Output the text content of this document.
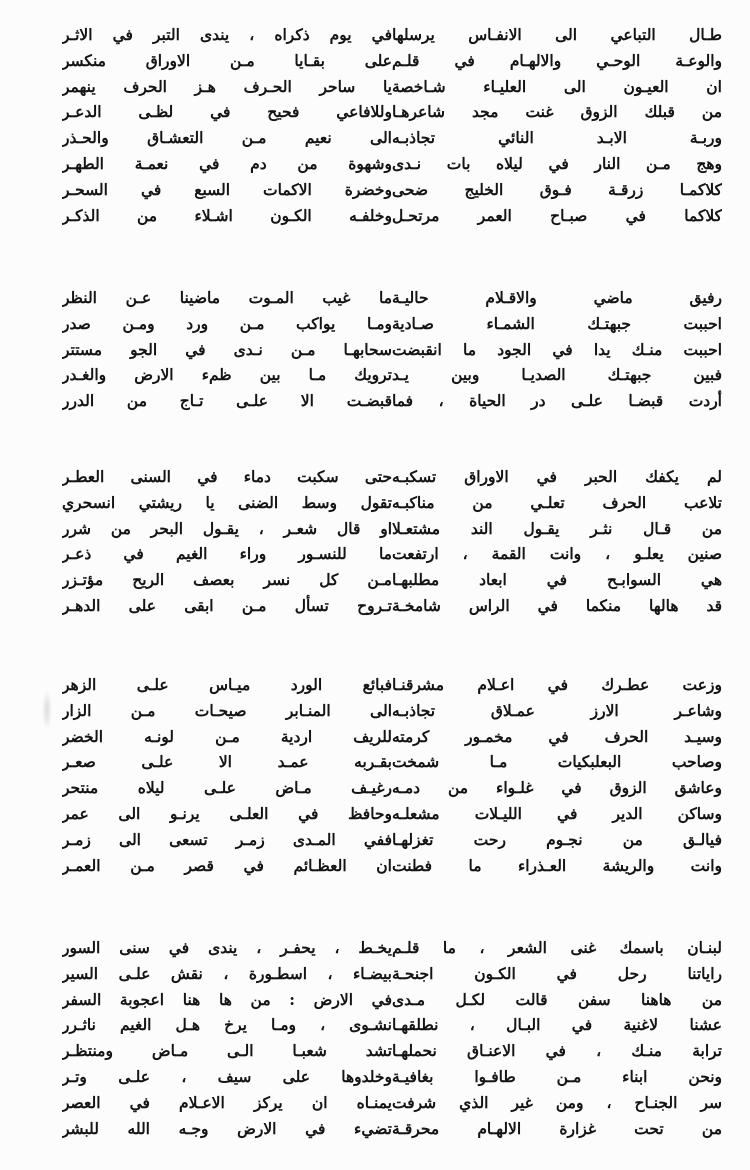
طـال التباعي الى الانفـاس يرسلها
والوعـة الوحـي والالهـام في قلـم
ان العيـون الى العليـاء شـاخصة
من قبلك الزوق غنت مجد شاعرهـا
وربـة الابـد النائي تجاذبـه
وهج مـن النار في ليلاه بات نـدى
كلاكمـا زرقـة فـوق الخليج ضحى
كلاكما في صبـاح العمر مرتحـل
في يوم ذكراه ، يندى التبر في الاثـر
على بقـايا مـن الاوراق منكسر
يا ساحر الحـرف هـز الحرف ينهمر
وللافاعي فحيح في لظـى الدعـر
الى نعيم مـن التعشـاق والحـذر
وشهوة من دم في نعمـة الطهـر
وخضرة الاكمات السبع في السحـر
وخلفـه الكـون اشـلاء من الذكـر
رفيق ماضي والاقـلام حاليـة
احببت جبهتـك الشمـاء صـادية
احببت منـك يدا في الجود ما انقبضت
فبين جبهتـك الصديـا وبين يـد
أردت قبضـا علـى در الحياة ، فما
ما غيب المـوت ماضينا عـن النظر
ومـا يواكب مـن ورد ومـن صدر
سحابهـا مـن نـدى في الجو مستتر
ترويك مـا بين ظمء الارض والغـدر
قبضـت الا علـى تـاج من الدرر
لم يكفك الحبر في الاوراق تسكبـه
تلاعب الحرف تعلـي من مناكبـه
من قـال نثـر يقـول الند مشتعـلا
صنين يعلـو ، وانت القمة ، ارتفعت
هي السوابـح في ابعاد مطلبهـا
قد هالها منكما في الراس شامخـة
حتى سكبت دماء في السنى العطـر
تقول وسط الضنى يا ريشتي انسحري
او قال شعـر ، يقـول البحر من شرر
ما للنسـور وراء الغيم في ذعـر
مـن كل نسر بعصف الريح مؤتـزر
تـروح تسأل مـن ابقى على الدهـر
وزعت عطـرك في اعـلام مشرقنـا
وشاعـر الارز عمـلاق تجاذبـه
وسيـد الحرف في مخمـور كرمته
وصاحب البعلبكيات مـا شمخت
وعاشق الزوق في غلـواء من دمـه
وساكن الدير في الليـلات مشعلـه
فيالـق من نجـوم رحت تغزلهـا
وانت والريشة العـذراء ما فطنت
فبائع الورد ميـاس علـى الزهر
الى المنـابر صيحـات مـن الزار
للريف اردية مـن لونـه الخضر
بقـربه عمـد الا علـى صعـر
رغيـف مـاض علـى ليلاه منتحر
وحافظ في العلـى يرنـو الى عمر
ففي المـدى زمـر تسعى الى زمـر
ان العظـائم في قصر مـن العمـر
لبنـان باسمك غنى الشعر ، ما قلـم
راياتنا رحل في الكـون اجنحـة
من هاهنا سفن قالت لكـل مـدى
عشنا لاغنية في البـال ، نطلقهـا
ترابة منـك ، في الاعنـاق نحملهـا
ونحن ابناء مـن طافـوا بغافيـة
سر الجنـاح ، ومن غير الذي شرفت
من تحت غزارة الالهـام محرقـة
يخـط ، يحفـر ، يندى في سنى السور
بيضـاء ، اسطـورة ، نقش علـى السير
في الارض : من ها هنا اعجوبة السفر
نشـوى ، ومـا يرخ هـل الغيم ناثـرر
تشد شعبـا الـى مـاض ومنتظـر
وخلدوها على سيف ، علـى وتـر
يمنـاه ان يركز الاعـلام في العصر
تضيء في الارض وجـه الله للبشر
